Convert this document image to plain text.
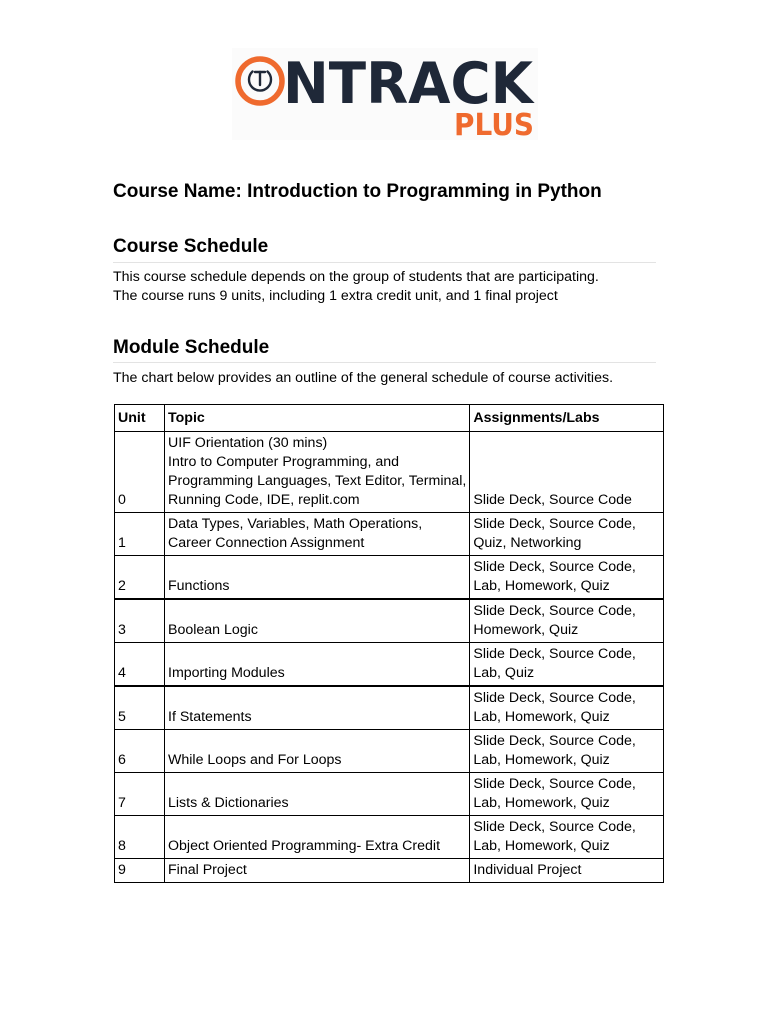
NTRACK
PLUS
Course Name: Introduction to Programming in Python
Course Schedule

This course schedule depends on the group of students that are participating.
The course runs 9 units, including 1 extra credit unit, and 1 final project

Module Schedule

The chart below provides an outline of the general schedule of course activities.

Unit	Topic	Assignments/Labs
0	UIF Orientation (30 mins)
Intro to Computer Programming, and
Programming Languages, Text Editor, Terminal,
Running Code, IDE, replit.com	Slide Deck, Source Code

1	Data Types, Variables, Math Operations,
Career Connection Assignment	Slide Deck, Source Code,
Quiz, Networking

2	Functions	Slide Deck, Source Code,
Lab, Homework, Quiz

3	Boolean Logic	Slide Deck, Source Code,
Homework, Quiz

4	Importing Modules	Slide Deck, Source Code,
Lab, Quiz

5	If Statements	Slide Deck, Source Code,
Lab, Homework, Quiz

6	While Loops and For Loops	Slide Deck, Source Code,
Lab, Homework, Quiz

7	Lists & Dictionaries	Slide Deck, Source Code,
Lab, Homework, Quiz

8	Object Oriented Programming- Extra Credit	Slide Deck, Source Code,
Lab, Homework, Quiz

9	Final Project	Individual Project
